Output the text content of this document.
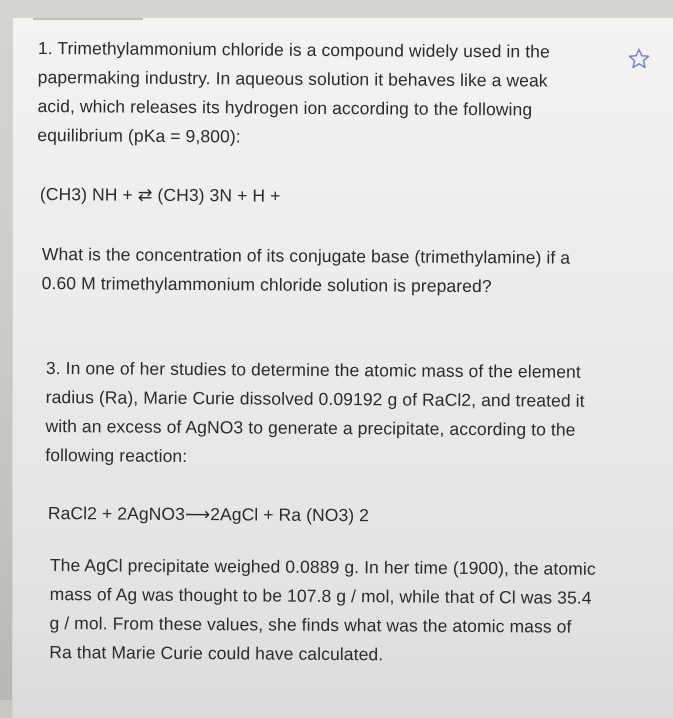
1. Trimethylammonium chloride is a compound widely used in the
papermaking industry. In aqueous solution it behaves like a weak
acid, which releases its hydrogen ion according to the following
equilibrium (pKa = 9,800):
(CH3) NH + ⇄ (CH3) 3N + H +
What is the concentration of its conjugate base (trimethylamine) if a
0.60 M trimethylammonium chloride solution is prepared?
3. In one of her studies to determine the atomic mass of the element
radius (Ra), Marie Curie dissolved 0.09192 g of RaCl2, and treated it
with an excess of AgNO3 to generate a precipitate, according to the
following reaction:
RaCl2 + 2AgNO3⟶2AgCl + Ra (NO3) 2
The AgCl precipitate weighed 0.0889 g. In her time (1900), the atomic
mass of Ag was thought to be 107.8 g / mol, while that of Cl was 35.4
g / mol. From these values, she finds what was the atomic mass of
Ra that Marie Curie could have calculated.
